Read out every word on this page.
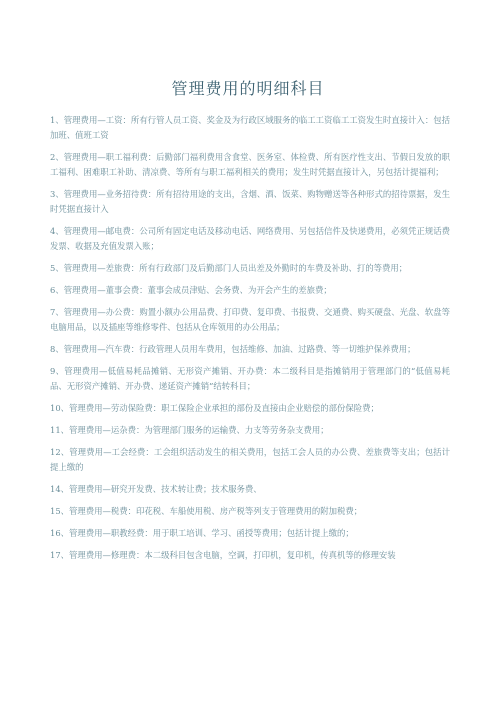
管理费用的明细科目

1、管理费用—工资：所有行管人员工资、奖金及为行政区域服务的临工工资临工工资发生时直接计入：包括加班、值班工资

2、管理费用—职工福利费：后勤部门福利费用含食堂、医务室、体检费、所有医疗性支出、节假日发放的职工福利、困难职工补助、清凉费、等所有与职工福利相关的费用；发生时凭据直接计入，另包括计提福利；

3、管理费用—业务招待费：所有招待用途的支出，含烟、酒、饭菜、购物赠送等各种形式的招待票据，发生时凭据直接计入

4、管理费用—邮电费：公司所有固定电话及移动电话、网络费用、另包括信件及快递费用，必须凭正规话费发票、收据及充值发票入账；

5、管理费用—差旅费：所有行政部门及后勤部门人员出差及外勤时的车费及补助、打的等费用；

6、管理费用—董事会费：董事会成员津贴、会务费、为开会产生的差旅费；

7、管理费用—办公费：购置小额办公用品费、打印费、复印费、书报费、交通费、购买硬盘、光盘、软盘等电脑用品，以及插座等维修零件、包括从仓库领用的办公用品；

8、管理费用—汽车费：行政管理人员用车费用，包括维修、加油、过路费、等一切维护保养费用；

9、管理费用—低值易耗品摊销、无形资产摊销、开办费：本二级科目是指摊销用于管理部门的“低值易耗品、无形资产摊销、开办费、递延资产摊销”结转科目；

10、管理费用—劳动保险费：职工保险企业承担的部份及直接由企业赔偿的部份保险费；

11、管理费用—运杂费：为管理部门服务的运输费、力支等劳务杂支费用；

12、管理费用—工会经费：工会组织活动发生的相关费用，包括工会人员的办公费、差旅费等支出；包括计提上缴的

14、管理费用—研究开发费、技术转让费；技术服务费、

15、管理费用—税费：印花税、车船使用税、房产税等列支于管理费用的附加税费；

16、管理费用—职教经费：用于职工培训、学习、函授等费用；包括计提上缴的；

17、管理费用—修理费：本二级科目包含电脑，空调，打印机，复印机，传真机等的修理安装
